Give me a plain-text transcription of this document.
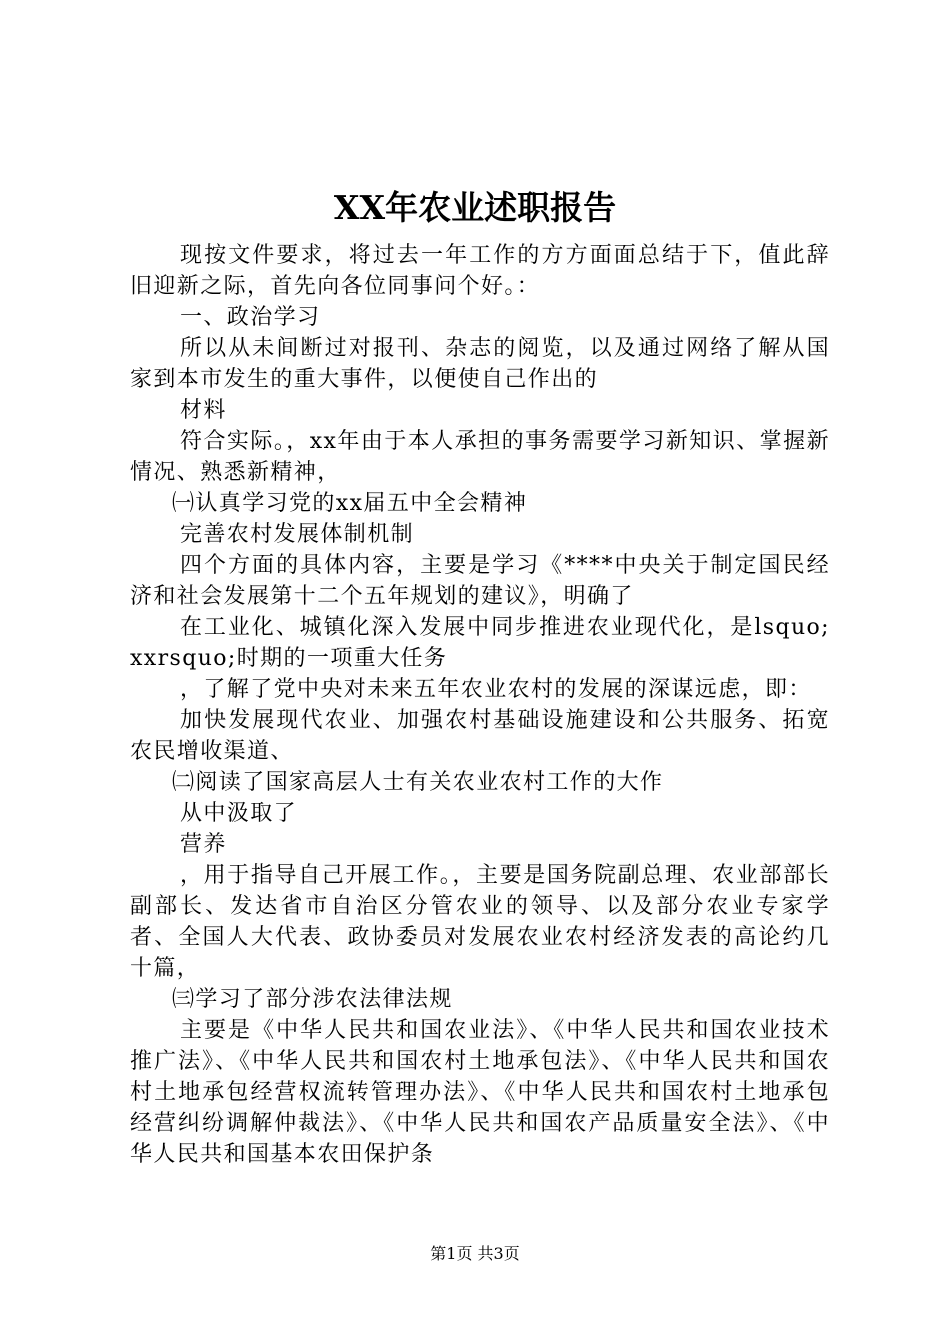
XX年农业述职报告

现按文件要求，将过去一年工作的方方面面总结于下，值此辞旧迎新之际，首先向各位同事问个好。：

一、政治学习

所以从未间断过对报刊、杂志的阅览，以及通过网络了解从国家到本市发生的重大事件，以便使自己作出的

材料

符合实际。，xx年由于本人承担的事务需要学习新知识、掌握新情况、熟悉新精神，

㈠认真学习党的xx届五中全会精神

完善农村发展体制机制

四个方面的具体内容，主要是学习《****中央关于制定国民经济和社会发展第十二个五年规划的建议》，明确了

在工业化、城镇化深入发展中同步推进农业现代化，是lsquo;xxrsquo;时期的一项重大任务

，了解了党中央对未来五年农业农村的发展的深谋远虑，即：

加快发展现代农业、加强农村基础设施建设和公共服务、拓宽农民增收渠道、

㈡阅读了国家高层人士有关农业农村工作的大作

从中汲取了

营养

，用于指导自己开展工作。，主要是国务院副总理、农业部部长副部长、发达省市自治区分管农业的领导、以及部分农业专家学者、全国人大代表、政协委员对发展农业农村经济发表的高论约几十篇，

㈢学习了部分涉农法律法规

主要是《中华人民共和国农业法》、《中华人民共和国农业技术推广法》、《中华人民共和国农村土地承包法》、《中华人民共和国农村土地承包经营权流转管理办法》、《中华人民共和国农村土地承包经营纠纷调解仲裁法》、《中华人民共和国农产品质量安全法》、《中华人民共和国基本农田保护条

第1页 共3页
